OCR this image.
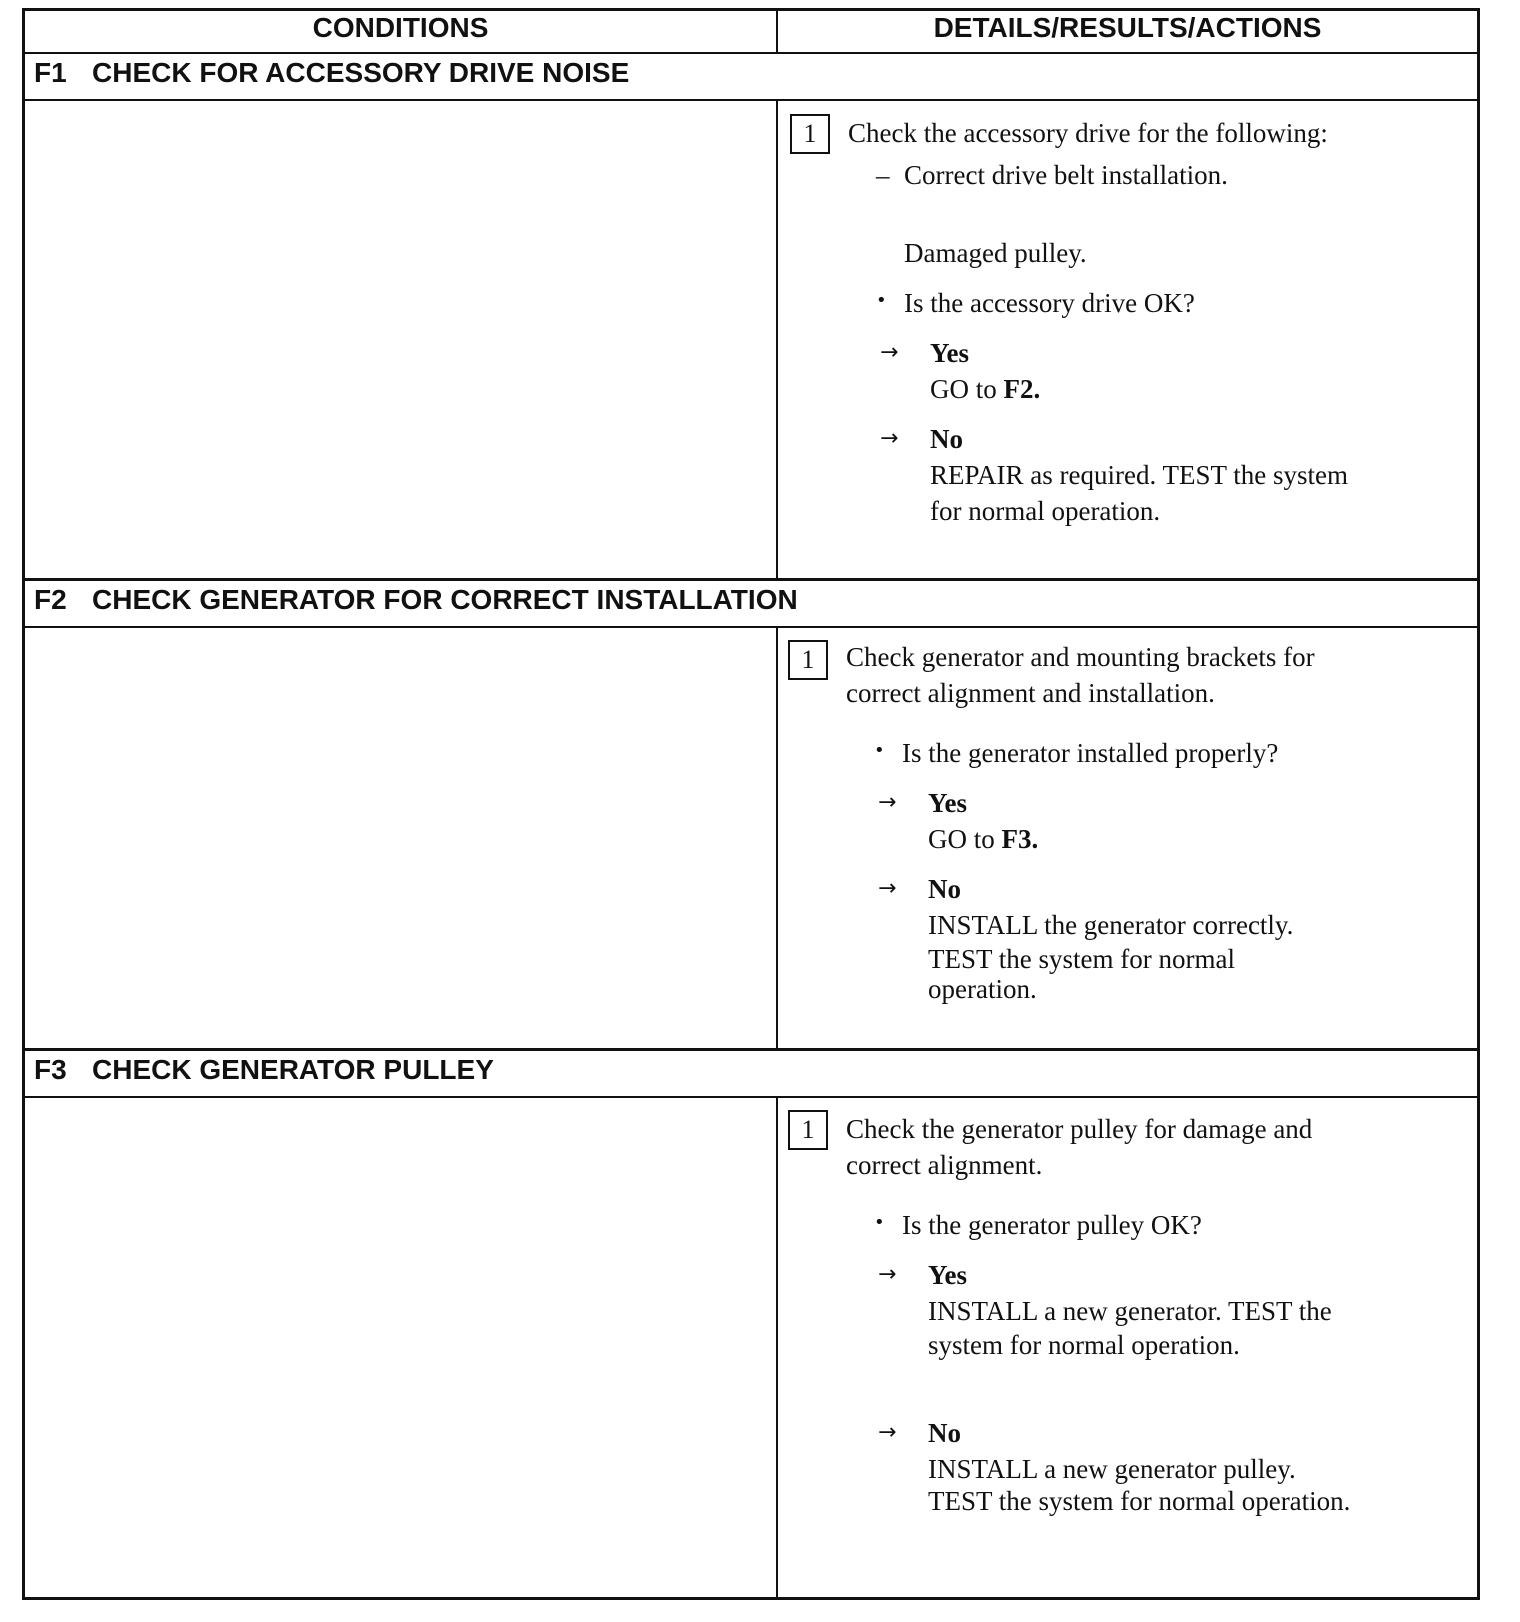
CONDITIONS	DETAILS/RESULTS/ACTIONS
F1 CHECK FOR ACCESSORY DRIVE NOISE
1	Check the accessory drive for the following:
– Correct drive belt installation.
Damaged pulley.
• Is the accessory drive OK?
→ Yes
GO to F2.
→ No
REPAIR as required. TEST the system
for normal operation.
F2 CHECK GENERATOR FOR CORRECT INSTALLATION
1	Check generator and mounting brackets for
correct alignment and installation.
• Is the generator installed properly?
→ Yes
GO to F3.
→ No
INSTALL the generator correctly.
TEST the system for normal
operation.
F3 CHECK GENERATOR PULLEY
1	Check the generator pulley for damage and
correct alignment.
• Is the generator pulley OK?
→ Yes
INSTALL a new generator. TEST the
system for normal operation.
→ No
INSTALL a new generator pulley.
TEST the system for normal operation.
